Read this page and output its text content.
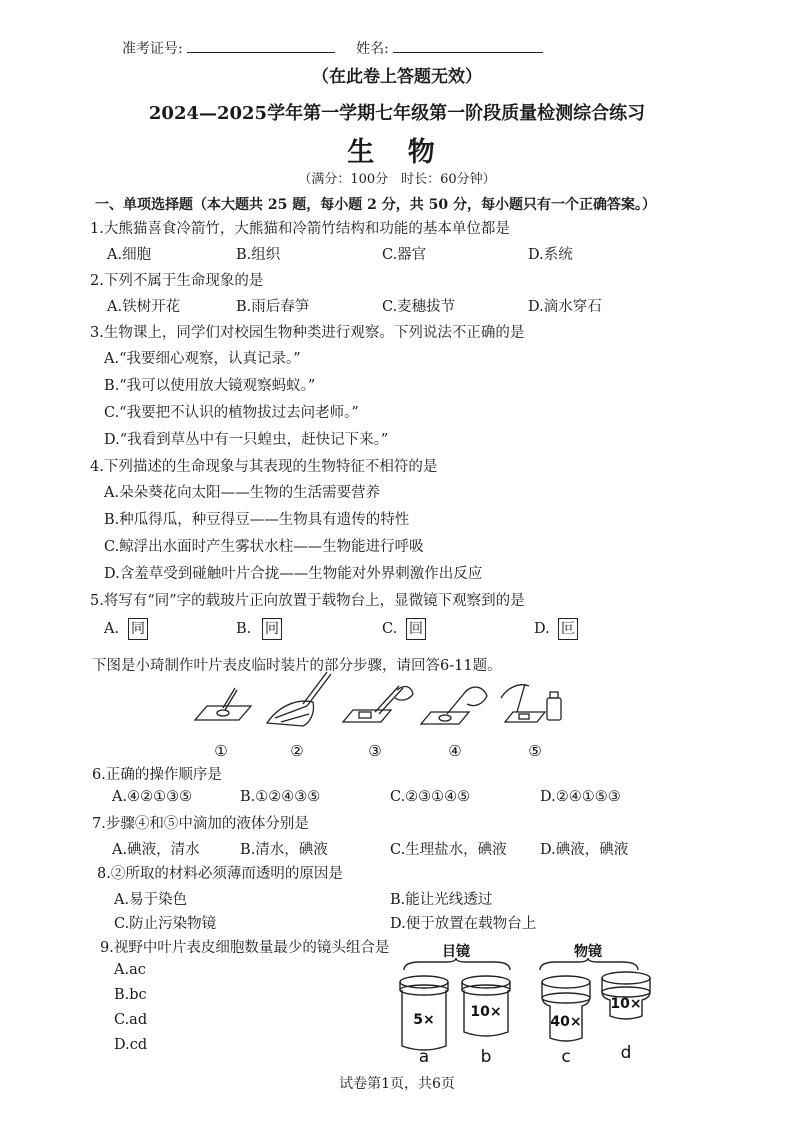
准考证号:	姓名:
（在此卷上答题无效）
2024—2025学年第一学期七年级第一阶段质量检测综合练习
生 物
（满分：100分　时长：60分钟）
一、单项选择题（本大题共 25 题，每小题 2 分，共 50 分，每小题只有一个正确答案。）
1.大熊猫喜食冷箭竹，大熊猫和冷箭竹结构和功能的基本单位都是
A.细胞	B.组织	C.器官	D.系统
2.下列不属于生命现象的是
A.铁树开花	B.雨后春笋	C.麦穗拔节	D.滴水穿石
3.生物课上，同学们对校园生物种类进行观察。下列说法不正确的是
A.“我要细心观察，认真记录。”
B.“我可以使用放大镜观察蚂蚁。”
C.“我要把不认识的植物拔过去问老师。”
D.“我看到草丛中有一只蝗虫，赶快记下来。”
4.下列描述的生命现象与其表现的生物特征不相符的是
A.朵朵葵花向太阳——生物的生活需要营养
B.种瓜得瓜，种豆得豆——生物具有遗传的特性
C.鲸浮出水面时产生雾状水柱——生物能进行呼吸
D.含羞草受到碰触叶片合拢——生物能对外界刺激作出反应
5.将写有“同”字的载玻片正向放置于载物台上，显微镜下观察到的是
A. 同	B. 冋	C. 回	D. 叵
下图是小琦制作叶片表皮临时装片的部分步骤，请回答6-11题。
①	②	③	④	⑤
6.正确的操作顺序是
A.④②①③⑤	B.①②④③⑤	C.②③①④⑤	D.②④①⑤③
7.步骤④和⑤中滴加的液体分别是
A.碘液，清水	B.清水，碘液	C.生理盐水，碘液 D.碘液，碘液
8.②所取的材料必须薄而透明的原因是
A.易于染色	B.能让光线透过
C.防止污染物镜	D.便于放置在载物台上
9.视野中叶片表皮细胞数量最少的镜头组合是
A.ac
B.bc
C.ad
D.cd
目镜	物镜
5×	10×
40×
10×
a	b	c	d
试卷第1页，共6页
